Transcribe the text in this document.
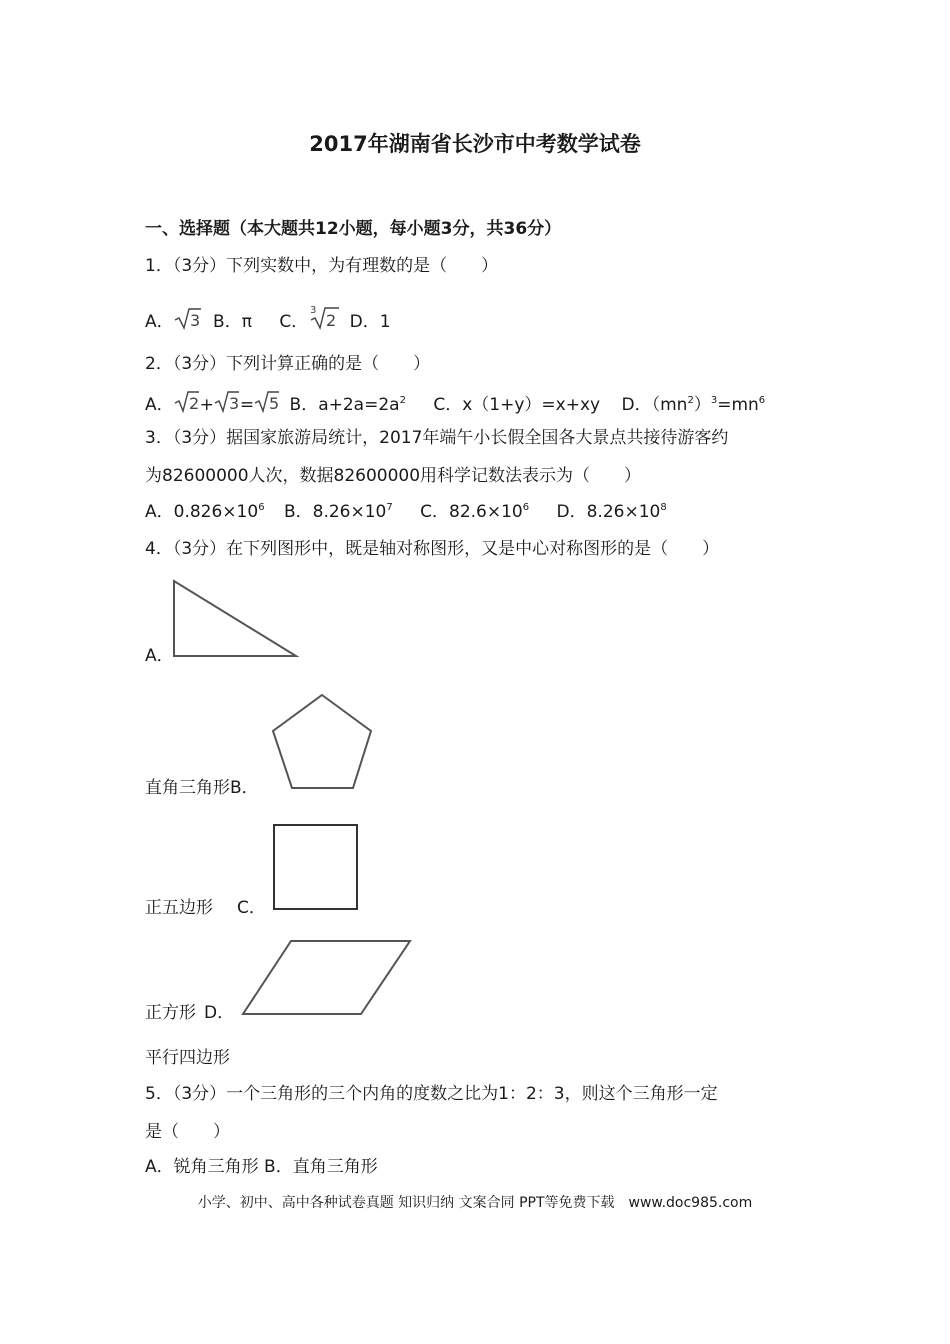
2017年湖南省长沙市中考数学试卷
一、选择题（本大题共12小题，每小题3分，共36分）
1．（3分）下列实数中，为有理数的是（　　）
A． 3 B．π C．
3
2 D．1
2．（3分）下列计算正确的是（　　）
A． 2 + 3 = 5 B．$a+2a=2a^2$ C．x（1+y）=x+xy D．$(mn^2)^3=mn^6$
3．（3分）据国家旅游局统计，2017年端午小长假全国各大景点共接待游客约
为82600000人次，数据82600000用科学记数法表示为（　　）
A．$0.826\times 10^6$ B．$8.26\times 10^7$ C．$82.6\times 10^6$ D．$8.26\times 10^8$
4．（3分）在下列图形中，既是轴对称图形，又是中心对称图形的是（　　）
A．
直角三角形B．
正五边形 C．
正方形 D．
平行四边形
5．（3分）一个三角形的三个内角的度数之比为1：2：3，则这个三角形一定
是（　　）
A．锐角三角形 B．直角三角形
小学、初中、高中各种试卷真题 知识归纳 文案合同 PPT等免费下载　www.doc985.com
